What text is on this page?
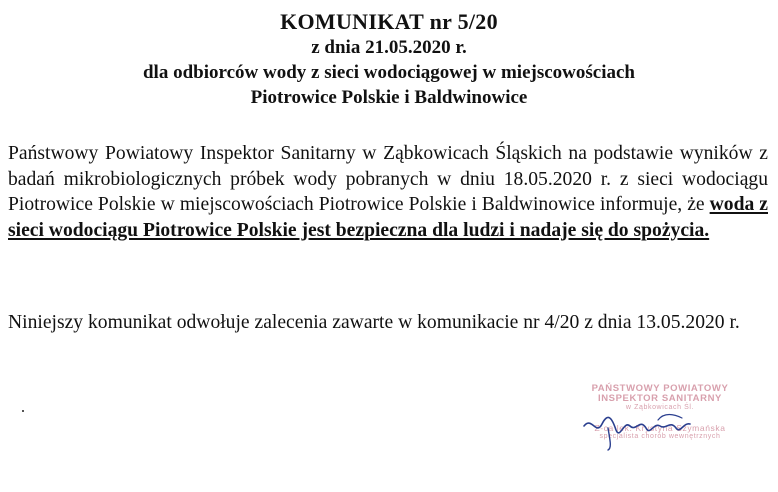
KOMUNIKAT nr 5/20
z dnia 21.05.2020 r.
dla odbiorców wody z sieci wodociągowej w miejscowościach
Piotrowice Polskie i Baldwinowice
Państwowy Powiatowy Inspektor Sanitarny w Ząbkowicach Śląskich na podstawie wyników z badań mikrobiologicznych próbek wody pobranych w dniu 18.05.2020 r. z sieci wodociągu Piotrowice Polskie w miejscowościach Piotrowice Polskie i Baldwinowice informuje, że woda z sieci wodociągu Piotrowice Polskie jest bezpieczna dla ludzi i nadaje się do spożycia.
Niniejszy komunikat odwołuje zalecenia zawarte w komunikacie nr 4/20 z dnia 13.05.2020 r.
PAŃSTWOWY POWIATOWY
INSPEKTOR SANITARNY
w Ząbkowicach Śl.
Z-ca lek. Krystyna Szymańska
specjalista chorób wewnętrznych
